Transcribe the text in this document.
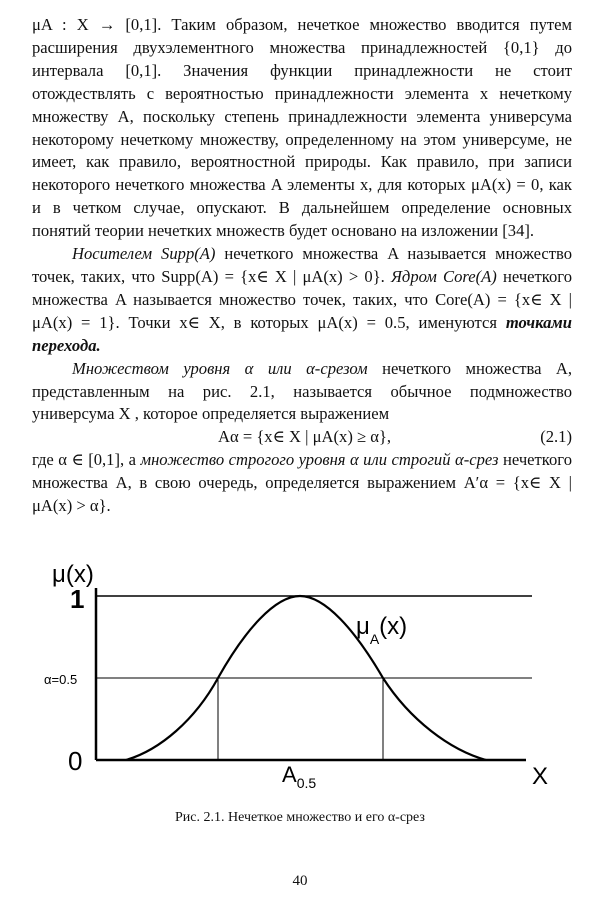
μA : X → [0,1]. Таким образом, нечеткое множество вводится путем расширения двухэлементного множества принадлежностей {0,1} до интервала [0,1]. Значения функции принадлежности не стоит отождествлять с вероятностью принадлежности элемента x нечеткому множеству A, поскольку степень принадлежности элемента универсума некоторому нечеткому множеству, определенному на этом универсуме, не имеет, как правило, вероятностной природы. Как правило, при записи некоторого нечеткого множества A элементы x, для которых μA(x) = 0, как и в четком случае, опускают. В дальнейшем определение основных понятий теории нечетких множеств будет основано на изложении [34].

Носителем Supp(A) нечеткого множества A называется множество точек, таких, что Supp(A) = {x∈ X | μA(x) > 0}. Ядром Core(A) нечеткого множества A называется множество точек, таких, что Core(A) = {x∈ X | μA(x) = 1}. Точки x∈ X, в которых μA(x) = 0.5, именуются точками перехода.

Множеством уровня α или α-срезом нечеткого множества A, представленным на рис. 2.1, называется обычное подмножество универсума X , которое определяется выражением

Aα = {x∈ X | μA(x) ≥ α},	(2.1)

где α ∈ [0,1], а множество строгого уровня α или строгий α-срез нечеткого множества A, в свою очередь, определяется выражением A′α = {x∈ X | μA(x) > α}.

μ(x)
1
α=0.5
0
X
$A_{0.5}$
$\mu_A(x)$
Рис. 2.1. Нечеткое множество и его α-срез
40
